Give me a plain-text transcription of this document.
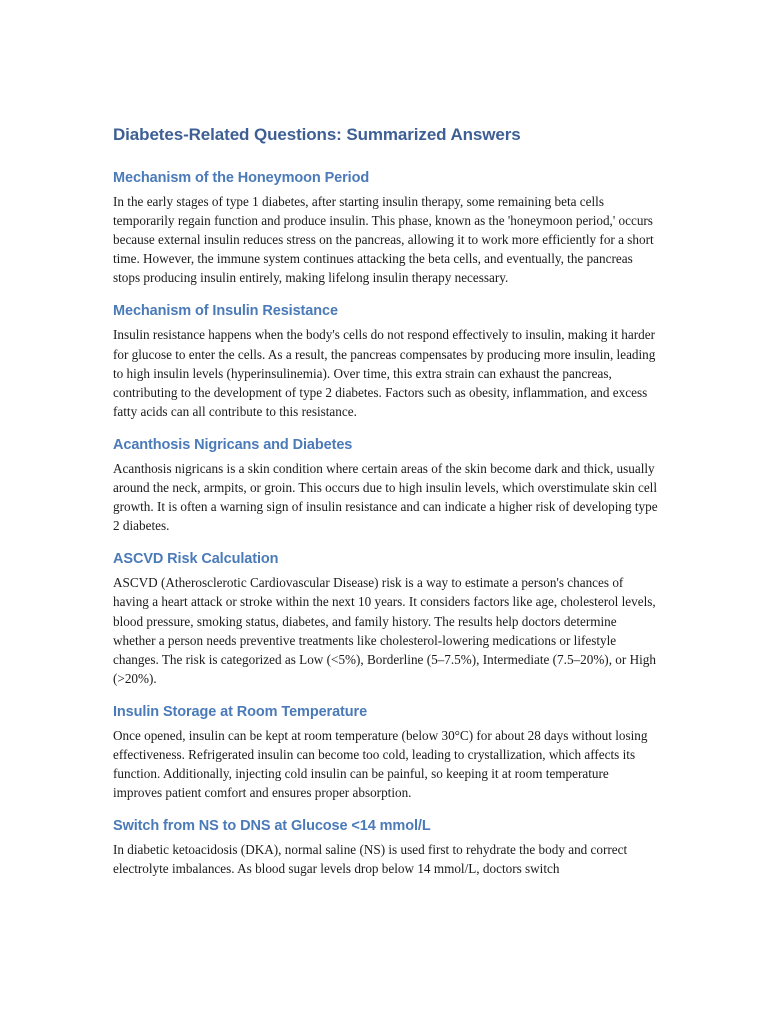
Diabetes-Related Questions: Summarized Answers
Mechanism of the Honeymoon Period

In the early stages of type 1 diabetes, after starting insulin therapy, some remaining beta cells temporarily regain function and produce insulin. This phase, known as the 'honeymoon period,' occurs because external insulin reduces stress on the pancreas, allowing it to work more efficiently for a short time. However, the immune system continues attacking the beta cells, and eventually, the pancreas stops producing insulin entirely, making lifelong insulin therapy necessary.

Mechanism of Insulin Resistance

Insulin resistance happens when the body's cells do not respond effectively to insulin, making it harder for glucose to enter the cells. As a result, the pancreas compensates by producing more insulin, leading to high insulin levels (hyperinsulinemia). Over time, this extra strain can exhaust the pancreas, contributing to the development of type 2 diabetes. Factors such as obesity, inflammation, and excess fatty acids can all contribute to this resistance.

Acanthosis Nigricans and Diabetes

Acanthosis nigricans is a skin condition where certain areas of the skin become dark and thick, usually around the neck, armpits, or groin. This occurs due to high insulin levels, which overstimulate skin cell growth. It is often a warning sign of insulin resistance and can indicate a higher risk of developing type 2 diabetes.

ASCVD Risk Calculation

ASCVD (Atherosclerotic Cardiovascular Disease) risk is a way to estimate a person's chances of having a heart attack or stroke within the next 10 years. It considers factors like age, cholesterol levels, blood pressure, smoking status, diabetes, and family history. The results help doctors determine whether a person needs preventive treatments like cholesterol-lowering medications or lifestyle changes. The risk is categorized as Low (<5%), Borderline (5–7.5%), Intermediate (7.5–20%), or High (>20%).

Insulin Storage at Room Temperature

Once opened, insulin can be kept at room temperature (below 30°C) for about 28 days without losing effectiveness. Refrigerated insulin can become too cold, leading to crystallization, which affects its function. Additionally, injecting cold insulin can be painful, so keeping it at room temperature improves patient comfort and ensures proper absorption.

Switch from NS to DNS at Glucose <14 mmol/L

In diabetic ketoacidosis (DKA), normal saline (NS) is used first to rehydrate the body and correct electrolyte imbalances. As blood sugar levels drop below 14 mmol/L, doctors switch
